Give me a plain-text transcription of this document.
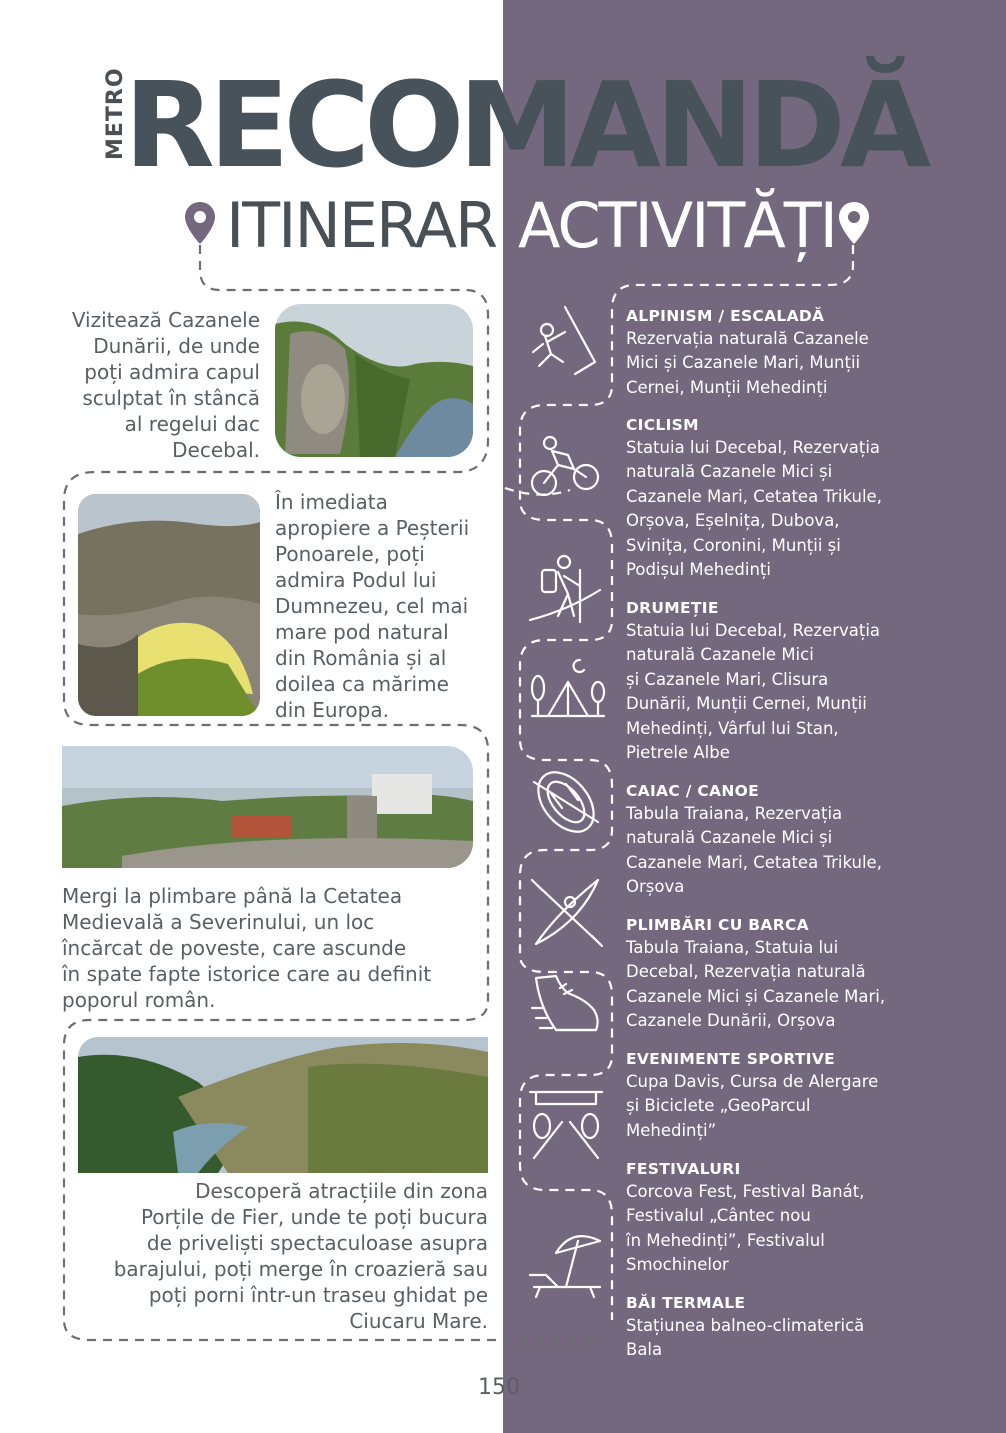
METRO
RECOMANDĂ
ITINERAR ACTIVITĂȚI
Vizitează Cazanele
Dunării, de unde
poți admira capul
sculptat în stâncă
al regelui dac
Decebal.
În imediata
apropiere a Peșterii
Ponoarele, poți
admira Podul lui
Dumnezeu, cel mai
mare pod natural
din România și al
doilea ca mărime
din Europa.
Mergi la plimbare până la Cetatea
Medievală a Severinului, un loc
încărcat de poveste, care ascunde
în spate fapte istorice care au definit
poporul român.
Descoperă atracțiile din zona
Porțile de Fier, unde te poți bucura
de priveliști spectaculoase asupra
barajului, poți merge în croazieră sau
poți porni într-un traseu ghidat pe
Ciucaru Mare.
ALPINISM / ESCALADĂ
Rezervația naturală Cazanele
Mici și Cazanele Mari, Munții
Cernei, Munții Mehedinți
CICLISM
Statuia lui Decebal, Rezervația
naturală Cazanele Mici și
Cazanele Mari, Cetatea Trikule,
Orșova, Eșelnița, Dubova,
Svinița, Coronini, Munții și
Podișul Mehedinți
DRUMEȚIE
Statuia lui Decebal, Rezervația
naturală Cazanele Mici
și Cazanele Mari, Clisura
Dunării, Munții Cernei, Munții
Mehedinți, Vârful lui Stan,
Pietrele Albe
CAIAC / CANOE
Tabula Traiana, Rezervația
naturală Cazanele Mici și
Cazanele Mari, Cetatea Trikule,
Orșova
PLIMBĂRI CU BARCA
Tabula Traiana, Statuia lui
Decebal, Rezervația naturală
Cazanele Mici și Cazanele Mari,
Cazanele Dunării, Orșova
EVENIMENTE SPORTIVE
Cupa Davis, Cursa de Alergare
și Biciclete „GeoParcul
Mehedinți”
FESTIVALURI
Corcova Fest, Festival Banát,
Festivalul „Cântec nou
în Mehedinți”, Festivalul
Smochinelor
BĂI TERMALE
Stațiunea balneo-climaterică
Bala
150
